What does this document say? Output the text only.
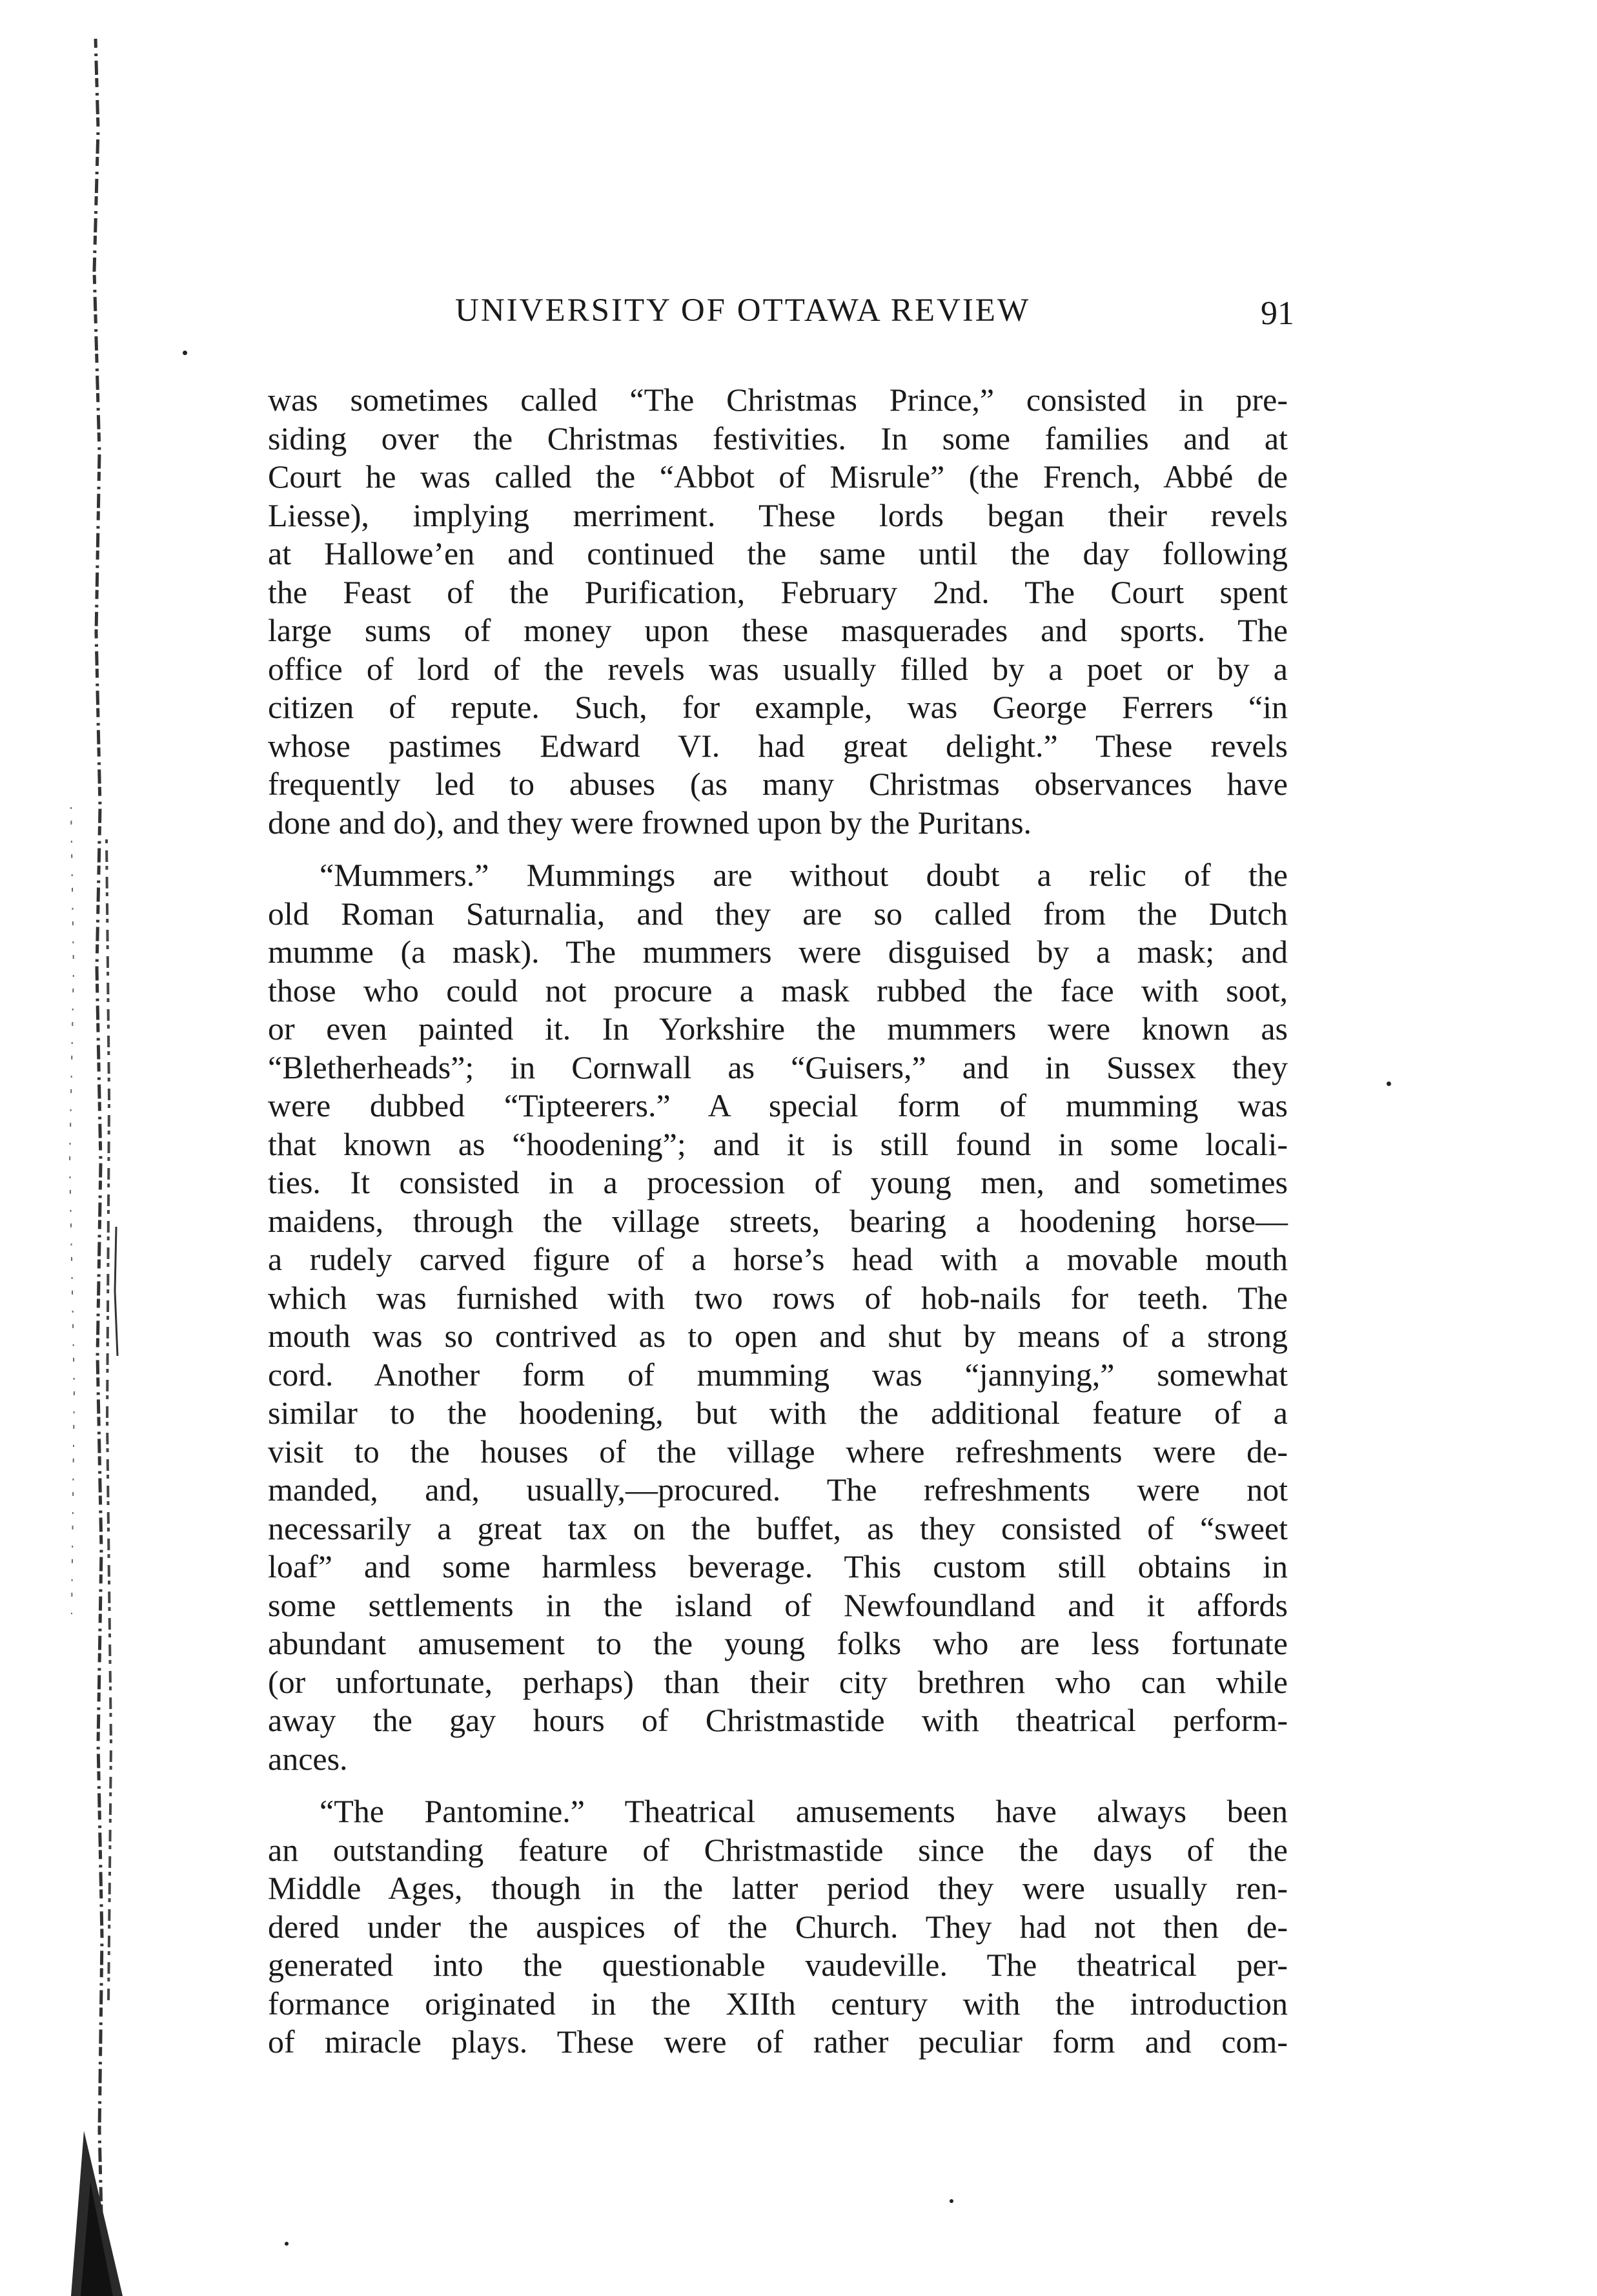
UNIVERSITY OF OTTAWA REVIEW	91
was sometimes called “The Christmas Prince,” consisted in pre-
siding over the Christmas festivities. In some families and at
Court he was called the “Abbot of Misrule” (the French, Abbé de
Liesse), implying merriment. These lords began their revels
at Hallowe’en and continued the same until the day following
the Feast of the Purification, February 2nd. The Court spent
large sums of money upon these masquerades and sports. The
office of lord of the revels was usually filled by a poet or by a
citizen of repute. Such, for example, was George Ferrers “in
whose pastimes Edward VI. had great delight.” These revels
frequently led to abuses (as many Christmas observances have
done and do), and they were frowned upon by the Puritans.
“Mummers.” Mummings are without doubt a relic of the
old Roman Saturnalia, and they are so called from the Dutch
mumme (a mask). The mummers were disguised by a mask; and
those who could not procure a mask rubbed the face with soot,
or even painted it. In Yorkshire the mummers were known as
“Bletherheads”; in Cornwall as “Guisers,” and in Sussex they
were dubbed “Tipteerers.” A special form of mumming was
that known as “hoodening”; and it is still found in some locali-
ties. It consisted in a procession of young men, and sometimes
maidens, through the village streets, bearing a hoodening horse—
a rudely carved figure of a horse’s head with a movable mouth
which was furnished with two rows of hob-nails for teeth. The
mouth was so contrived as to open and shut by means of a strong
cord. Another form of mumming was “jannying,” somewhat
similar to the hoodening, but with the additional feature of a
visit to the houses of the village where refreshments were de-
manded, and, usually,—procured. The refreshments were not
necessarily a great tax on the buffet, as they consisted of “sweet
loaf” and some harmless beverage. This custom still obtains in
some settlements in the island of Newfoundland and it affords
abundant amusement to the young folks who are less fortunate
(or unfortunate, perhaps) than their city brethren who can while
away the gay hours of Christmastide with theatrical perform-
ances.
“The Pantomine.” Theatrical amusements have always been
an outstanding feature of Christmastide since the days of the
Middle Ages, though in the latter period they were usually ren-
dered under the auspices of the Church. They had not then de-
generated into the questionable vaudeville. The theatrical per-
formance originated in the XIIth century with the introduction
of miracle plays. These were of rather peculiar form and com-
